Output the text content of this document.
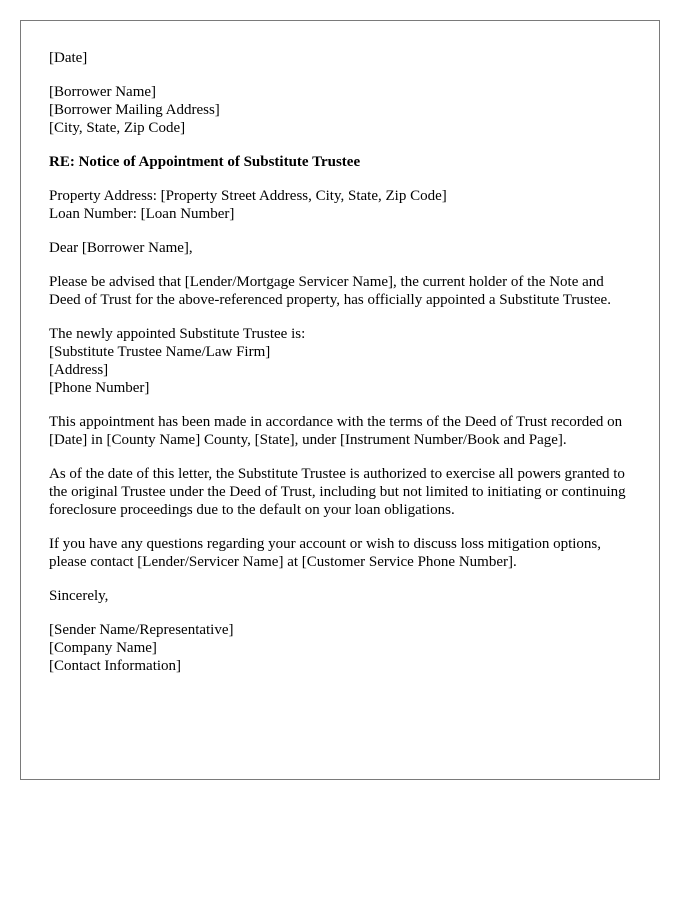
[Date]
[Borrower Name]
[Borrower Mailing Address]
[City, State, Zip Code]
RE: Notice of Appointment of Substitute Trustee
Property Address: [Property Street Address, City, State, Zip Code]
Loan Number: [Loan Number]
Dear [Borrower Name],
Please be advised that [Lender/Mortgage Servicer Name], the current holder of the Note and Deed of Trust for the above-referenced property, has officially appointed a Substitute Trustee.
The newly appointed Substitute Trustee is:
[Substitute Trustee Name/Law Firm]
[Address]
[Phone Number]
This appointment has been made in accordance with the terms of the Deed of Trust recorded on [Date] in [County Name] County, [State], under [Instrument Number/Book and Page].
As of the date of this letter, the Substitute Trustee is authorized to exercise all powers granted to the original Trustee under the Deed of Trust, including but not limited to initiating or continuing foreclosure proceedings due to the default on your loan obligations.
If you have any questions regarding your account or wish to discuss loss mitigation options, please contact [Lender/Servicer Name] at [Customer Service Phone Number].
Sincerely,
[Sender Name/Representative]
[Company Name]
[Contact Information]
